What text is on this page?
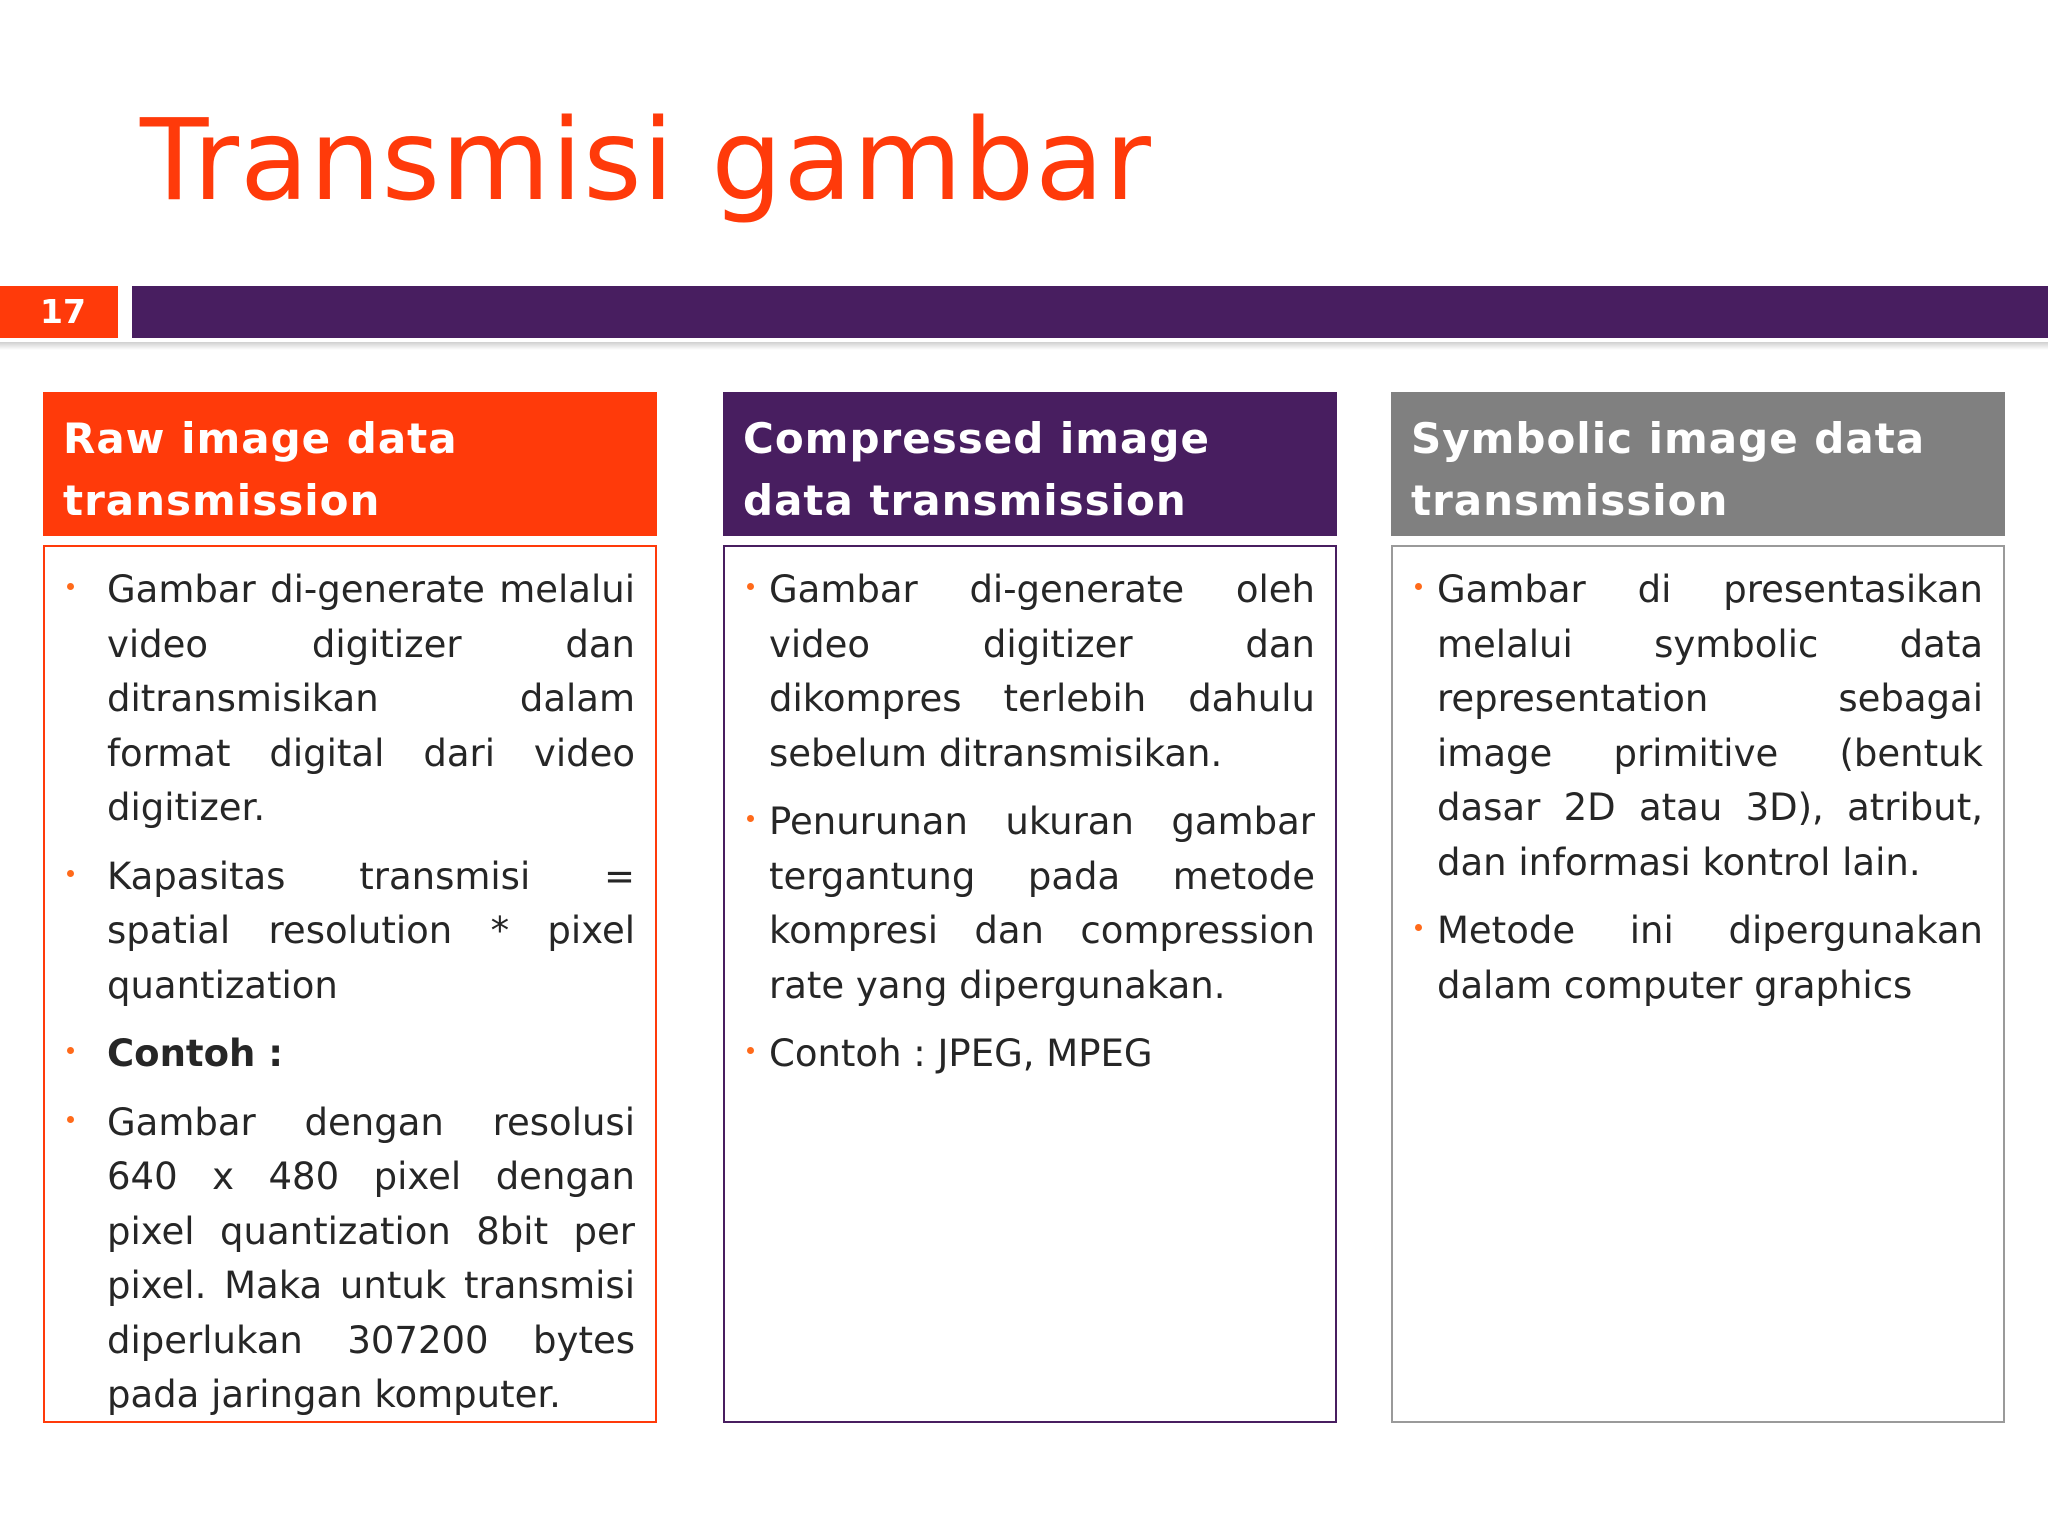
Transmisi gambar
17
Raw image data transmission
Gambar di-generate melalui video digitizer dan ditransmisikan dalam format digital dari video digitizer.
Kapasitas transmisi = spatial resolution * pixel quantization
Contoh :
Gambar dengan resolusi 640 x 480 pixel dengan pixel quantization 8bit per pixel. Maka untuk transmisi diperlukan 307200 bytes pada jaringan komputer.
Compressed image data transmission
Gambar di-generate oleh video digitizer dan dikompres terlebih dahulu sebelum ditransmisikan.
Penurunan ukuran gambar tergantung pada metode kompresi dan compression rate yang dipergunakan.
Contoh : JPEG, MPEG
Symbolic image data transmission
Gambar di presentasikan melalui symbolic data representation sebagai image primitive (bentuk dasar 2D atau 3D), atribut, dan informasi kontrol lain.
Metode ini dipergunakan dalam computer graphics
